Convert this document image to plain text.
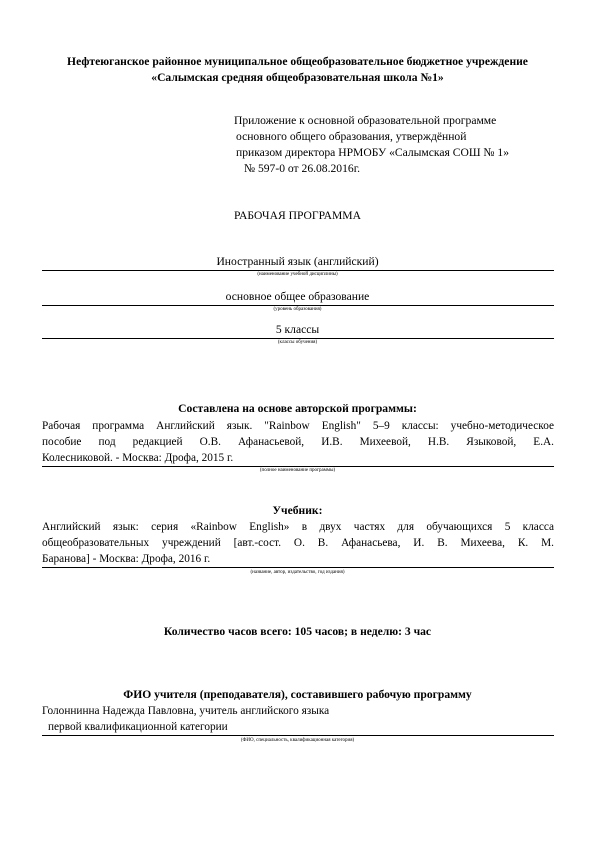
Нефтеюганское районное муниципальное общеобразовательное бюджетное учреждение
«Салымская средняя общеобразовательная школа №1»
Приложение к основной образовательной программе
основного общего образования, утверждённой
приказом директора НРМОБУ «Салымская СОШ № 1»
№ 597-0 от 26.08.2016г.
РАБОЧАЯ ПРОГРАММА
Иностранный язык (английский)
(наименование учебной дисциплины)
основное общее образование
(уровень образования)
5 классы
(классы обучения)
Составлена на основе авторской программы:
Рабочая программа Английский язык. "Rainbow English" 5–9 классы: учебно-методическое
пособие под редакцией О.В. Афанасьевой, И.В. Михеевой, Н.В. Языковой, Е.А.
Колесниковой. - Москва: Дрофа, 2015 г.
(полное наименование программы)
Учебник:
Английский язык: серия «Rainbow English» в двух частях для обучающихся 5 класса
общеобразовательных учреждений [авт.-сост. О. В. Афанасьева, И. В. Михеева, К. М.
Баранова] - Москва: Дрофа, 2016 г.
(название, автор, издательство, год издания)
Количество часов всего: 105 часов; в неделю: 3 час
ФИО учителя (преподавателя), составившего рабочую программу
Голоннинна Надежда Павловна, учитель английского языка
первой квалификационной категории
(ФИО, специальность, квалификационная категория)
